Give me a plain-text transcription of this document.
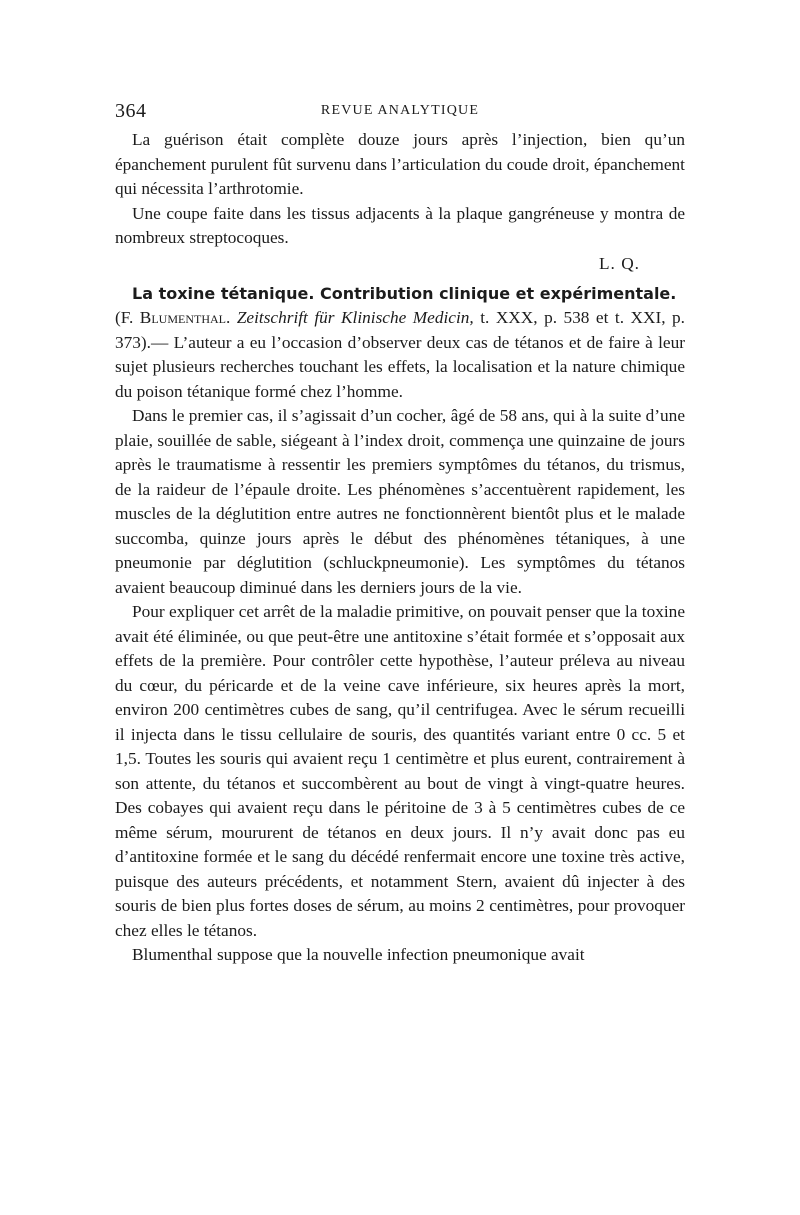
364	REVUE ANALYTIQUE

La guérison était complète douze jours après l’injection, bien qu’un épanchement purulent fût survenu dans l’articulation du coude droit, épanchement qui nécessita l’arthrotomie.

Une coupe faite dans les tissus adjacents à la plaque gangréneuse y montra de nombreux streptocoques.

L. Q.
La toxine tétanique. Contribution clinique et expérimentale.

(F. Blumenthal. Zeitschrift für Klinische Medicin, t. XXX, p. 538 et t. XXI, p. 373).— L’auteur a eu l’occasion d’observer deux cas de tétanos et de faire à leur sujet plusieurs recherches touchant les effets, la localisation et la nature chimique du poison tétanique formé chez l’homme.

Dans le premier cas, il s’agissait d’un cocher, âgé de 58 ans, qui à la suite d’une plaie, souillée de sable, siégeant à l’index droit, commença une quinzaine de jours après le traumatisme à ressentir les premiers symptômes du tétanos, du trismus, de la raideur de l’épaule droite. Les phénomènes s’accentuèrent rapidement, les muscles de la déglutition entre autres ne fonctionnèrent bientôt plus et le malade succomba, quinze jours après le début des phénomènes tétaniques, à une pneumonie par déglutition (schluckpneumonie). Les symptômes du tétanos avaient beaucoup diminué dans les derniers jours de la vie.

Pour expliquer cet arrêt de la maladie primitive, on pouvait penser que la toxine avait été éliminée, ou que peut-être une antitoxine s’était formée et s’opposait aux effets de la première. Pour contrôler cette hypothèse, l’auteur préleva au niveau du cœur, du péricarde et de la veine cave inférieure, six heures après la mort, environ 200 centimètres cubes de sang, qu’il centrifugea. Avec le sérum recueilli il injecta dans le tissu cellulaire de souris, des quantités variant entre 0 cc. 5 et 1,5. Toutes les souris qui avaient reçu 1 centimètre et plus eurent, contrairement à son attente, du tétanos et succombèrent au bout de vingt à vingt-quatre heures. Des cobayes qui avaient reçu dans le péritoine de 3 à 5 centimètres cubes de ce même sérum, moururent de tétanos en deux jours. Il n’y avait donc pas eu d’antitoxine formée et le sang du décédé renfermait encore une toxine très active, puisque des auteurs précédents, et notamment Stern, avaient dû injecter à des souris de bien plus fortes doses de sérum, au moins 2 centimètres, pour provoquer chez elles le tétanos.

Blumenthal suppose que la nouvelle infection pneumonique avait
